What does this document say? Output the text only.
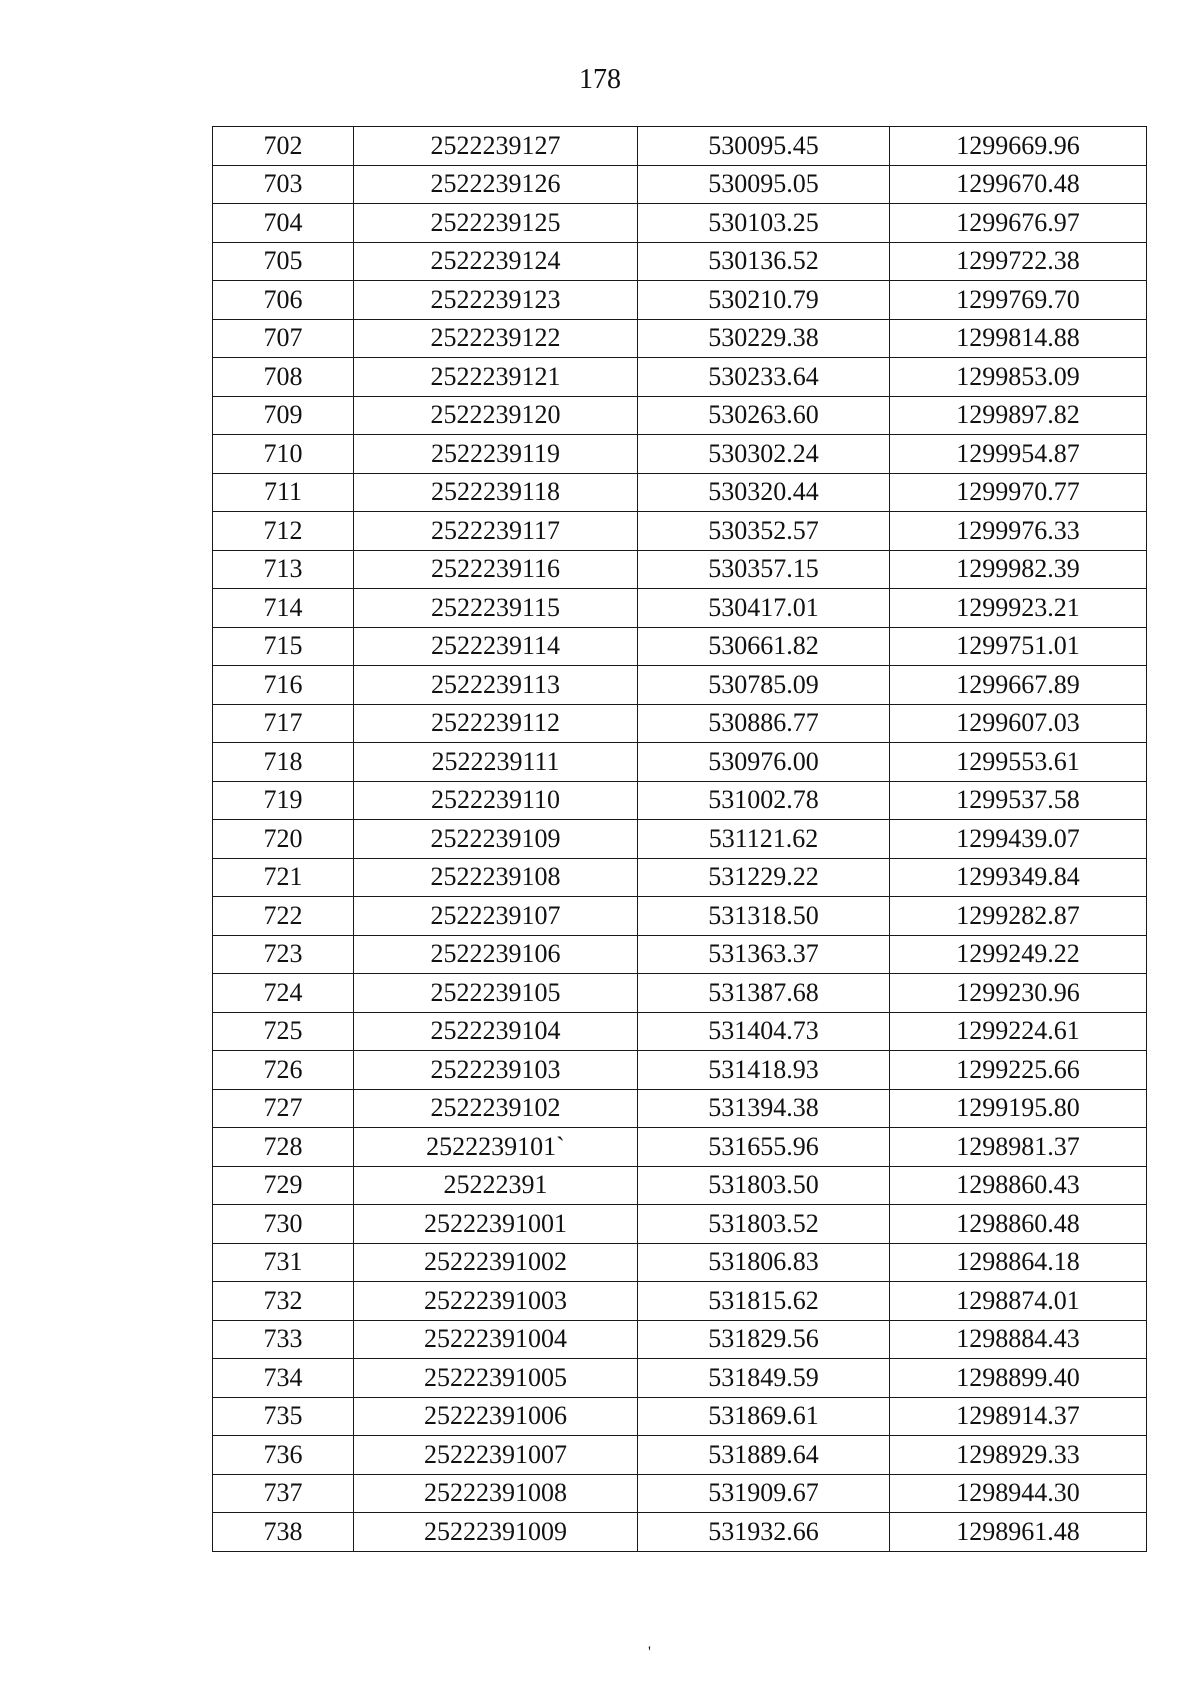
178
702	2522239127	530095.45	1299669.96
703	2522239126	530095.05	1299670.48
704	2522239125	530103.25	1299676.97
705	2522239124	530136.52	1299722.38
706	2522239123	530210.79	1299769.70
707	2522239122	530229.38	1299814.88
708	2522239121	530233.64	1299853.09
709	2522239120	530263.60	1299897.82
710	2522239119	530302.24	1299954.87
711	2522239118	530320.44	1299970.77
712	2522239117	530352.57	1299976.33
713	2522239116	530357.15	1299982.39
714	2522239115	530417.01	1299923.21
715	2522239114	530661.82	1299751.01
716	2522239113	530785.09	1299667.89
717	2522239112	530886.77	1299607.03
718	2522239111	530976.00	1299553.61
719	2522239110	531002.78	1299537.58
720	2522239109	531121.62	1299439.07
721	2522239108	531229.22	1299349.84
722	2522239107	531318.50	1299282.87
723	2522239106	531363.37	1299249.22
724	2522239105	531387.68	1299230.96
725	2522239104	531404.73	1299224.61
726	2522239103	531418.93	1299225.66
727	2522239102	531394.38	1299195.80
728	2522239101`	531655.96	1298981.37
729	25222391	531803.50	1298860.43
730	25222391001	531803.52	1298860.48
731	25222391002	531806.83	1298864.18
732	25222391003	531815.62	1298874.01
733	25222391004	531829.56	1298884.43
734	25222391005	531849.59	1298899.40
735	25222391006	531869.61	1298914.37
736	25222391007	531889.64	1298929.33
737	25222391008	531909.67	1298944.30
738	25222391009	531932.66	1298961.48
'
